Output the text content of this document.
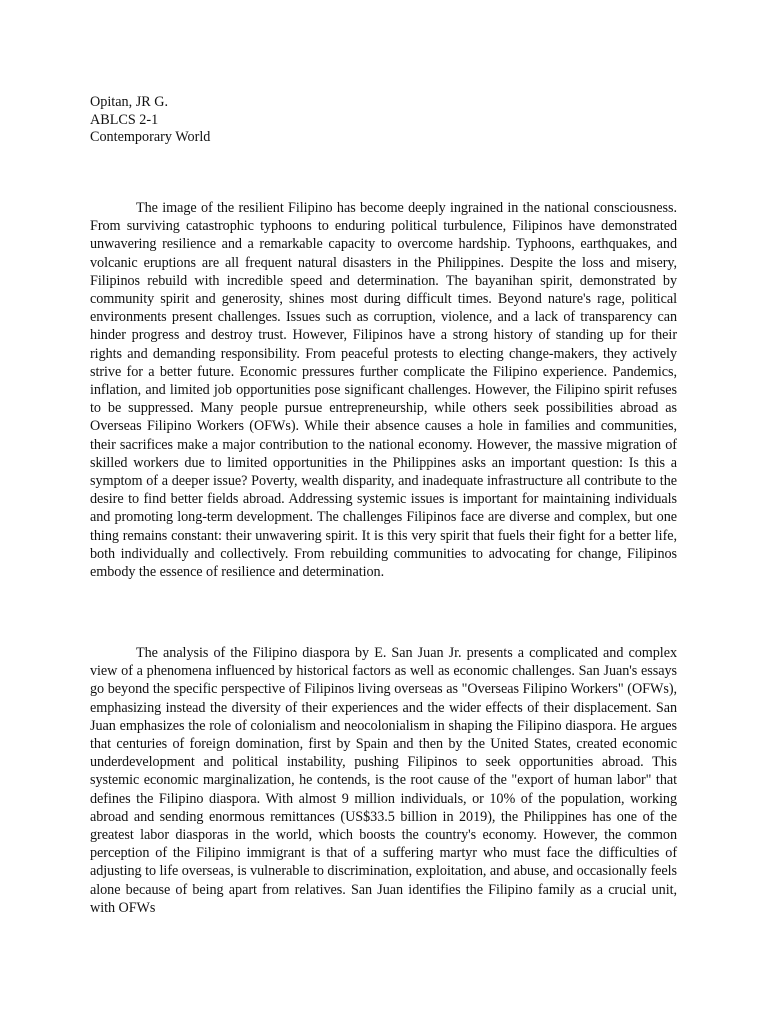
Opitan, JR G.
ABLCS 2-1
Contemporary World

The image of the resilient Filipino has become deeply ingrained in the national consciousness. From surviving catastrophic typhoons to enduring political turbulence, Filipinos have demonstrated unwavering resilience and a remarkable capacity to overcome hardship. Typhoons, earthquakes, and volcanic eruptions are all frequent natural disasters in the Philippines. Despite the loss and misery, Filipinos rebuild with incredible speed and determination. The bayanihan spirit, demonstrated by community spirit and generosity, shines most during difficult times. Beyond nature's rage, political environments present challenges. Issues such as corruption, violence, and a lack of transparency can hinder progress and destroy trust. However, Filipinos have a strong history of standing up for their rights and demanding responsibility. From peaceful protests to electing change-makers, they actively strive for a better future. Economic pressures further complicate the Filipino experience. Pandemics, inflation, and limited job opportunities pose significant challenges. However, the Filipino spirit refuses to be suppressed. Many people pursue entrepreneurship, while others seek possibilities abroad as Overseas Filipino Workers (OFWs). While their absence causes a hole in families and communities, their sacrifices make a major contribution to the national economy. However, the massive migration of skilled workers due to limited opportunities in the Philippines asks an important question: Is this a symptom of a deeper issue? Poverty, wealth disparity, and inadequate infrastructure all contribute to the desire to find better fields abroad. Addressing systemic issues is important for maintaining individuals and promoting long-term development. The challenges Filipinos face are diverse and complex, but one thing remains constant: their unwavering spirit. It is this very spirit that fuels their fight for a better life, both individually and collectively. From rebuilding communities to advocating for change, Filipinos embody the essence of resilience and determination.

The analysis of the Filipino diaspora by E. San Juan Jr. presents a complicated and complex view of a phenomena influenced by historical factors as well as economic challenges. San Juan's essays go beyond the specific perspective of Filipinos living overseas as "Overseas Filipino Workers" (OFWs), emphasizing instead the diversity of their experiences and the wider effects of their displacement. San Juan emphasizes the role of colonialism and neocolonialism in shaping the Filipino diaspora. He argues that centuries of foreign domination, first by Spain and then by the United States, created economic underdevelopment and political instability, pushing Filipinos to seek opportunities abroad. This systemic economic marginalization, he contends, is the root cause of the "export of human labor" that defines the Filipino diaspora. With almost 9 million individuals, or 10% of the population, working abroad and sending enormous remittances (US$33.5 billion in 2019), the Philippines has one of the greatest labor diasporas in the world, which boosts the country's economy. However, the common perception of the Filipino immigrant is that of a suffering martyr who must face the difficulties of adjusting to life overseas, is vulnerable to discrimination, exploitation, and abuse, and occasionally feels alone because of being apart from relatives. San Juan identifies the Filipino family as a crucial unit, with OFWs
